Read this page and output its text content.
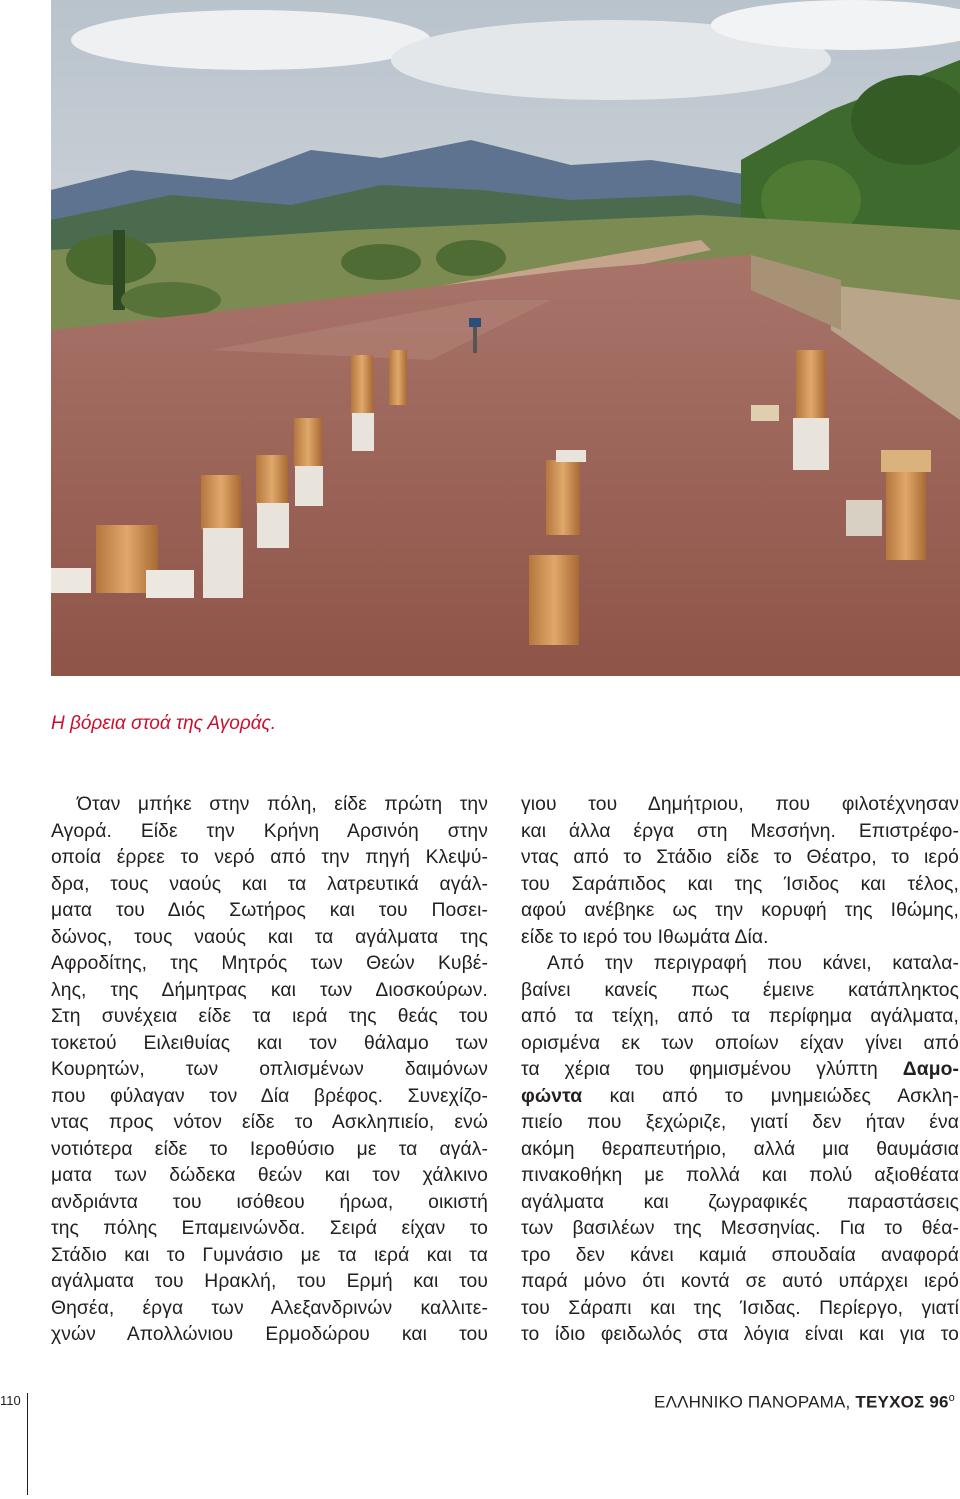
Η βόρεια στοά της Αγοράς.

Όταν μπήκε στην πόλη, είδε πρώτη την

Αγορά. Είδε την Κρήνη Αρσινόη στην

οποία έρρεε το νερό από την πηγή Κλεψύ-

δρα, τους ναούς και τα λατρευτικά αγάλ-

ματα του Διός Σωτήρος και του Ποσει-

δώνος, τους ναούς και τα αγάλματα της

Αφροδίτης, της Μητρός των Θεών Κυβέ-

λης, της Δήμητρας και των Διοσκούρων.

Στη συνέχεια είδε τα ιερά της θεάς του

τοκετού Ειλειθυίας και τον θάλαμο των

Κουρητών, των οπλισμένων δαιμόνων

που φύλαγαν τον Δία βρέφος. Συνεχίζο-

ντας προς νότον είδε το Ασκληπιείο, ενώ

νοτιότερα είδε το Ιεροθύσιο με τα αγάλ-

ματα των δώδεκα θεών και τον χάλκινο

ανδριάντα του ισόθεου ήρωα, οικιστή

της πόλης Επαμεινώνδα. Σειρά είχαν το

Στάδιο και το Γυμνάσιο με τα ιερά και τα

αγάλματα του Ηρακλή, του Ερμή και του

Θησέα, έργα των Αλεξανδρινών καλλιτε-

χνών Απολλώνιου Ερμοδώρου και του

γιου του Δημήτριου, που φιλοτέχνησαν

και άλλα έργα στη Μεσσήνη. Επιστρέφο-

ντας από το Στάδιο είδε το Θέατρο, το ιερό

του Σαράπιδος και της Ίσιδος και τέλος,

αφού ανέβηκε ως την κορυφή της Ιθώμης,

είδε το ιερό του Ιθωμάτα Δία.

Από την περιγραφή που κάνει, καταλα-

βαίνει κανείς πως έμεινε κατάπληκτος

από τα τείχη, από τα περίφημα αγάλματα,

ορισμένα εκ των οποίων είχαν γίνει από

τα χέρια του φημισμένου γλύπτη Δαμο-

φώντα και από το μνημειώδες Ασκλη-

πιείο που ξεχώριζε, γιατί δεν ήταν ένα

ακόμη θεραπευτήριο, αλλά μια θαυμάσια

πινακοθήκη με πολλά και πολύ αξιοθέατα

αγάλματα και ζωγραφικές παραστάσεις

των βασιλέων της Μεσσηνίας. Για το θέα-

τρο δεν κάνει καμιά σπουδαία αναφορά

παρά μόνο ότι κοντά σε αυτό υπάρχει ιερό

του Σάραπι και της Ίσιδας. Περίεργο, γιατί

το ίδιο φειδωλός στα λόγια είναι και για το

110	ΕΛΛΗΝΙΚΟ ΠΑΝΟΡΑΜΑ, ΤΕΥΧΟΣ $96^o$
